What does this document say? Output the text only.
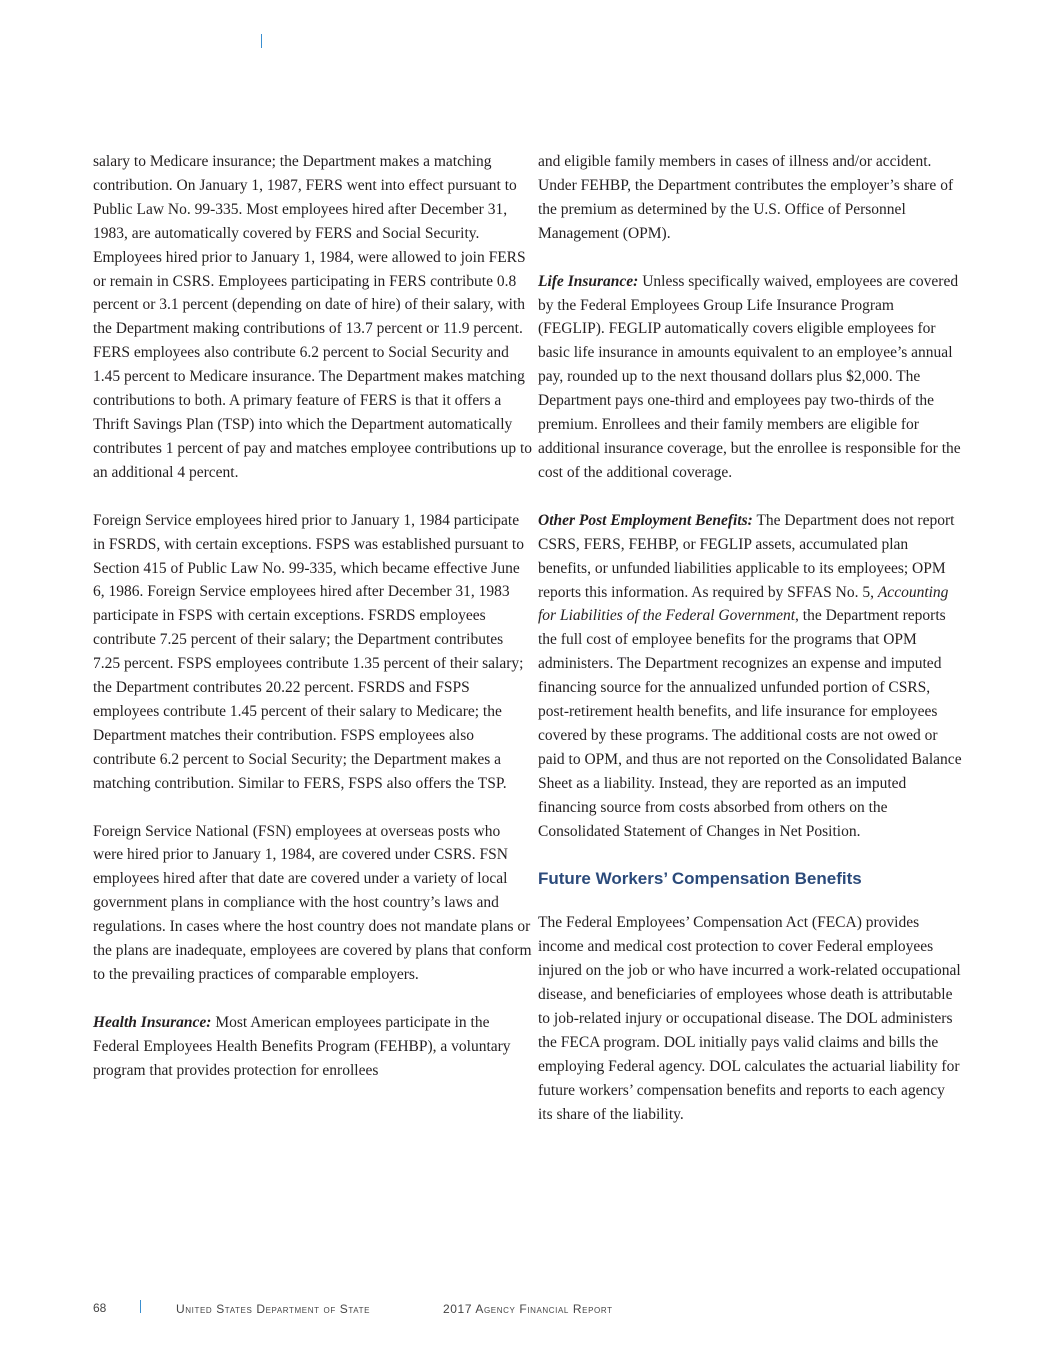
salary to Medicare insurance; the Department makes a matching contribution. On January 1, 1987, FERS went into effect pursuant to Public Law No. 99-335. Most employees hired after December 31, 1983, are automatically covered by FERS and Social Security. Employees hired prior to January 1, 1984, were allowed to join FERS or remain in CSRS. Employees participating in FERS contribute 0.8 percent or 3.1 percent (depending on date of hire) of their salary, with the Department making contributions of 13.7 percent or 11.9 percent. FERS employees also contribute 6.2 percent to Social Security and 1.45 percent to Medicare insurance. The Department makes matching contributions to both. A primary feature of FERS is that it offers a Thrift Savings Plan (TSP) into which the Department automatically contributes 1 percent of pay and matches employee contributions up to an additional 4 percent.

Foreign Service employees hired prior to January 1, 1984 participate in FSRDS, with certain exceptions. FSPS was established pursuant to Section 415 of Public Law No. 99-335, which became effective June 6, 1986. Foreign Service employees hired after December 31, 1983 participate in FSPS with certain exceptions. FSRDS employees contribute 7.25 percent of their salary; the Department contributes 7.25 percent. FSPS employees contribute 1.35 percent of their salary; the Department contributes 20.22 percent. FSRDS and FSPS employees contribute 1.45 percent of their salary to Medicare; the Department matches their contribution. FSPS employees also contribute 6.2 percent to Social Security; the Department makes a matching contribution. Similar to FERS, FSPS also offers the TSP.

Foreign Service National (FSN) employees at overseas posts who were hired prior to January 1, 1984, are covered under CSRS. FSN employees hired after that date are covered under a variety of local government plans in compliance with the host country’s laws and regulations. In cases where the host country does not mandate plans or the plans are inadequate, employees are covered by plans that conform to the prevailing practices of comparable employers.

Health Insurance: Most American employees participate in the Federal Employees Health Benefits Program (FEHBP), a voluntary program that provides protection for enrollees

and eligible family members in cases of illness and/or accident. Under FEHBP, the Department contributes the employer’s share of the premium as determined by the U.S. Office of Personnel Management (OPM).

Life Insurance: Unless specifically waived, employees are covered by the Federal Employees Group Life Insurance Program (FEGLIP). FEGLIP automatically covers eligible employees for basic life insurance in amounts equivalent to an employee’s annual pay, rounded up to the next thousand dollars plus $2,000. The Department pays one-third and employees pay two-thirds of the premium. Enrollees and their family members are eligible for additional insurance coverage, but the enrollee is responsible for the cost of the additional coverage.

Other Post Employment Benefits: The Department does not report CSRS, FERS, FEHBP, or FEGLIP assets, accumulated plan benefits, or unfunded liabilities applicable to its employees; OPM reports this information. As required by SFFAS No. 5, Accounting for Liabilities of the Federal Government, the Department reports the full cost of employee benefits for the programs that OPM administers. The Department recognizes an expense and imputed financing source for the annualized unfunded portion of CSRS, post-retirement health benefits, and life insurance for employees covered by these programs. The additional costs are not owed or paid to OPM, and thus are not reported on the Consolidated Balance Sheet as a liability. Instead, they are reported as an imputed financing source from costs absorbed from others on the Consolidated Statement of Changes in Net Position.

Future Workers’ Compensation Benefits

The Federal Employees’ Compensation Act (FECA) provides income and medical cost protection to cover Federal employees injured on the job or who have incurred a work-related occupational disease, and beneficiaries of employees whose death is attributable to job-related injury or occupational disease. The DOL administers the FECA program. DOL initially pays valid claims and bills the employing Federal agency. DOL calculates the actuarial liability for future workers’ compensation benefits and reports to each agency its share of the liability.

68	United States Department of State	2017 Agency Financial Report
